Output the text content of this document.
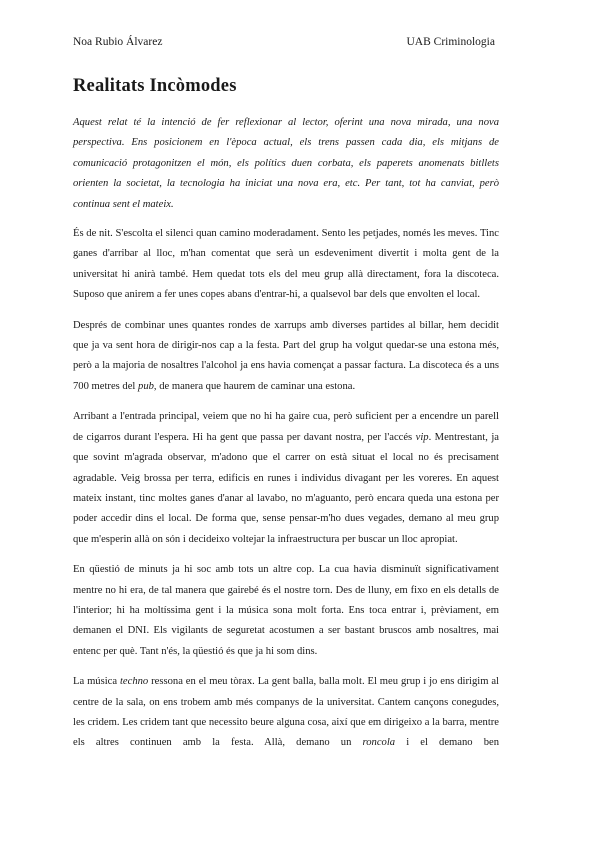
Noa Rubio Álvarez	UAB Criminologia
Realitats Incòmodes

Aquest relat té la intenció de fer reflexionar al lector, oferint una nova mirada, una nova perspectiva. Ens posicionem en l'època actual, els trens passen cada dia, els mitjans de comunicació protagonitzen el món, els polítics duen corbata, els paperets anomenats bitllets orienten la societat, la tecnologia ha iniciat una nova era, etc. Per tant, tot ha canviat, però continua sent el mateix.

És de nit. S'escolta el silenci quan camino moderadament. Sento les petjades, només les meves. Tinc ganes d'arribar al lloc, m'han comentat que serà un esdeveniment divertit i molta gent de la universitat hi anirà també. Hem quedat tots els del meu grup allà directament, fora la discoteca. Suposo que anirem a fer unes copes abans d'entrar-hi, a qualsevol bar dels que envolten el local.

Després de combinar unes quantes rondes de xarrups amb diverses partides al billar, hem decidit que ja va sent hora de dirigir-nos cap a la festa. Part del grup ha volgut quedar-se una estona més, però a la majoria de nosaltres l'alcohol ja ens havia començat a passar factura. La discoteca és a uns 700 metres del pub, de manera que haurem de caminar una estona.

Arribant a l'entrada principal, veiem que no hi ha gaire cua, però suficient per a encendre un parell de cigarros durant l'espera. Hi ha gent que passa per davant nostra, per l'accés vip. Mentrestant, ja que sovint m'agrada observar, m'adono que el carrer on està situat el local no és precisament agradable. Veig brossa per terra, edificis en runes i individus divagant per les voreres. En aquest mateix instant, tinc moltes ganes d'anar al lavabo, no m'aguanto, però encara queda una estona per poder accedir dins el local. De forma que, sense pensar-m'ho dues vegades, demano al meu grup que m'esperin allà on són i decideixo voltejar la infraestructura per buscar un lloc apropiat.

En qüestió de minuts ja hi soc amb tots un altre cop. La cua havia disminuït significativament mentre no hi era, de tal manera que gairebé és el nostre torn. Des de lluny, em fixo en els detalls de l'interior; hi ha moltíssima gent i la música sona molt forta. Ens toca entrar i, prèviament, em demanen el DNI. Els vigilants de seguretat acostumen a ser bastant bruscos amb nosaltres, mai entenc per què. Tant n'és, la qüestió és que ja hi som dins.

La música techno ressona en el meu tòrax. La gent balla, balla molt. El meu grup i jo ens dirigim al centre de la sala, on ens trobem amb més companys de la universitat. Cantem cançons conegudes, les cridem. Les cridem tant que necessito beure alguna cosa, així que em dirigeixo a la barra, mentre els altres continuen amb la festa. Allà, demano un roncola i el demano ben
